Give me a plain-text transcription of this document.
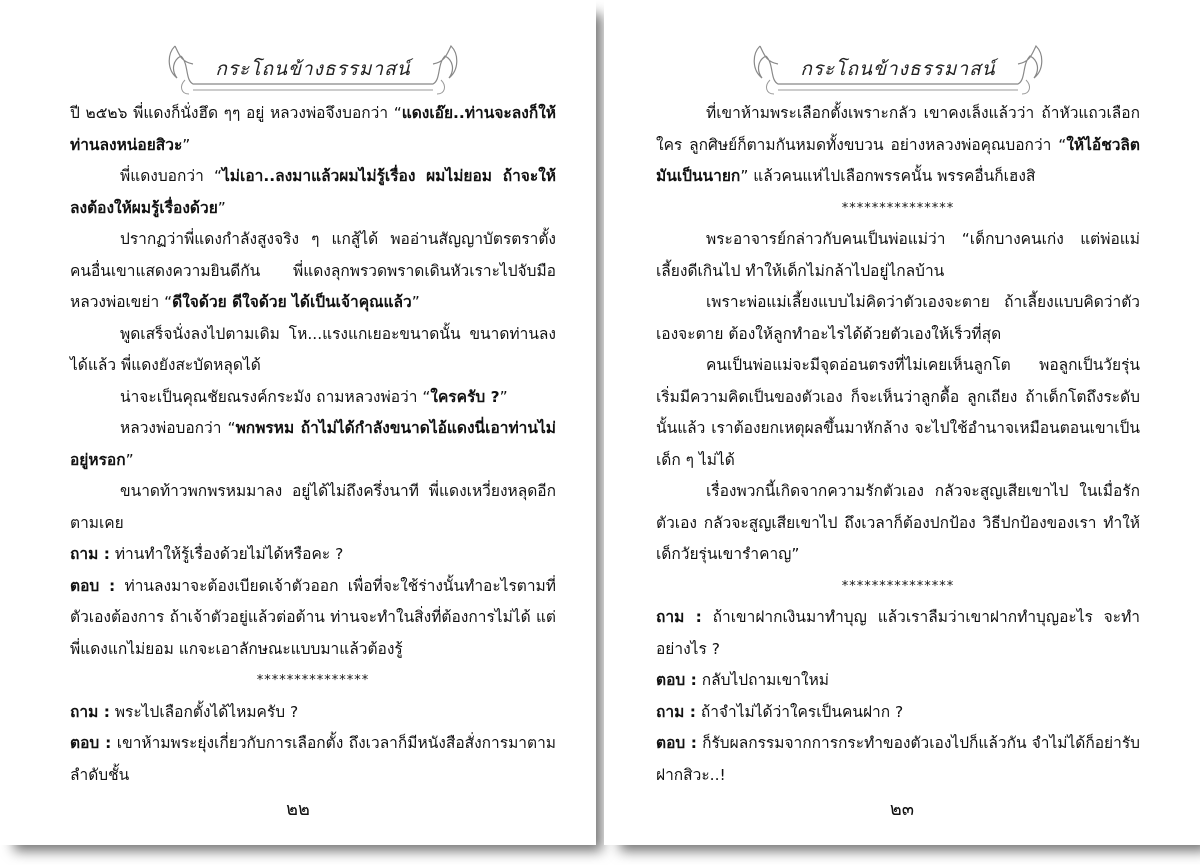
กระโถนข้างธรรมาสน์
ปี ๒๕๒๖ พี่แดงก็นั่งฮึด ๆๆ อยู่ หลวงพ่อจึงบอกว่า “แดงเอ๊ย..ท่านจะลงก็ให้ท่านลงหน่อยสิวะ”
พี่แดงบอกว่า “ไม่เอา..ลงมาแล้วผมไม่รู้เรื่อง ผมไม่ยอม ถ้าจะให้ลงต้องให้ผมรู้เรื่องด้วย”
ปรากฏว่าพี่แดงกำลังสูงจริง ๆ แกสู้ได้ พออ่านสัญญาบัตรตราตั้ง คนอื่นเขาแสดงความยินดีกัน พี่แดงลุกพรวดพราดเดินหัวเราะไปจับมือหลวงพ่อเขย่า “ดีใจด้วย ดีใจด้วย ได้เป็นเจ้าคุณแล้ว”
พูดเสร็จนั่งลงไปตามเดิม โห...แรงแกเยอะขนาดนั้น ขนาดท่านลงได้แล้ว พี่แดงยังสะบัดหลุดได้
น่าจะเป็นคุณชัยณรงค์กระมัง ถามหลวงพ่อว่า “ใครครับ ?”
หลวงพ่อบอกว่า “พกพรหม ถ้าไม่ได้กำลังขนาดไอ้แดงนี่เอาท่านไม่อยู่หรอก”
ขนาดท้าวพกพรหมมาลง อยู่ได้ไม่ถึงครึ่งนาที พี่แดงเหวี่ยงหลุดอีกตามเคย
ถาม : ท่านทำให้รู้เรื่องด้วยไม่ได้หรือคะ ?
ตอบ : ท่านลงมาจะต้องเบียดเจ้าตัวออก เพื่อที่จะใช้ร่างนั้นทำอะไรตามที่ตัวเองต้องการ ถ้าเจ้าตัวอยู่แล้วต่อต้าน ท่านจะทำในสิ่งที่ต้องการไม่ได้ แต่พี่แดงแกไม่ยอม แกจะเอาลักษณะแบบมาแล้วต้องรู้
***************
ถาม : พระไปเลือกตั้งได้ไหมครับ ?
ตอบ : เขาห้ามพระยุ่งเกี่ยวกับการเลือกตั้ง ถึงเวลาก็มีหนังสือสั่งการมาตามลำดับชั้น
๒๒
กระโถนข้างธรรมาสน์
ที่เขาห้ามพระเลือกตั้งเพราะกลัว เขาคงเล็งแล้วว่า ถ้าหัวแถวเลือกใคร ลูกศิษย์ก็ตามกันหมดทั้งขบวน อย่างหลวงพ่อคุณบอกว่า “ให้ไอ้ชวลิตมันเป็นนายก” แล้วคนแห่ไปเลือกพรรคนั้น พรรคอื่นก็เฮงสิ
***************
พระอาจารย์กล่าวกับคนเป็นพ่อแม่ว่า “เด็กบางคนเก่ง แต่พ่อแม่เลี้ยงดีเกินไป ทำให้เด็กไม่กล้าไปอยู่ไกลบ้าน
เพราะพ่อแม่เลี้ยงแบบไม่คิดว่าตัวเองจะตาย ถ้าเลี้ยงแบบคิดว่าตัวเองจะตาย ต้องให้ลูกทำอะไรได้ด้วยตัวเองให้เร็วที่สุด
คนเป็นพ่อแม่จะมีจุดอ่อนตรงที่ไม่เคยเห็นลูกโต พอลูกเป็นวัยรุ่นเริ่มมีความคิดเป็นของตัวเอง ก็จะเห็นว่าลูกดื้อ ลูกเถียง ถ้าเด็กโตถึงระดับนั้นแล้ว เราต้องยกเหตุผลขึ้นมาหักล้าง จะไปใช้อำนาจเหมือนตอนเขาเป็นเด็ก ๆ ไม่ได้
เรื่องพวกนี้เกิดจากความรักตัวเอง กลัวจะสูญเสียเขาไป ในเมื่อรักตัวเอง กลัวจะสูญเสียเขาไป ถึงเวลาก็ต้องปกป้อง วิธีปกป้องของเรา ทำให้เด็กวัยรุ่นเขารำคาญ”
***************
ถาม : ถ้าเขาฝากเงินมาทำบุญ แล้วเราลืมว่าเขาฝากทำบุญอะไร จะทำอย่างไร ?
ตอบ : กลับไปถามเขาใหม่
ถาม : ถ้าจำไม่ได้ว่าใครเป็นคนฝาก ?
ตอบ : ก็รับผลกรรมจากการกระทำของตัวเองไปก็แล้วกัน จำไม่ได้ก็อย่ารับฝากสิวะ..!
๒๓
